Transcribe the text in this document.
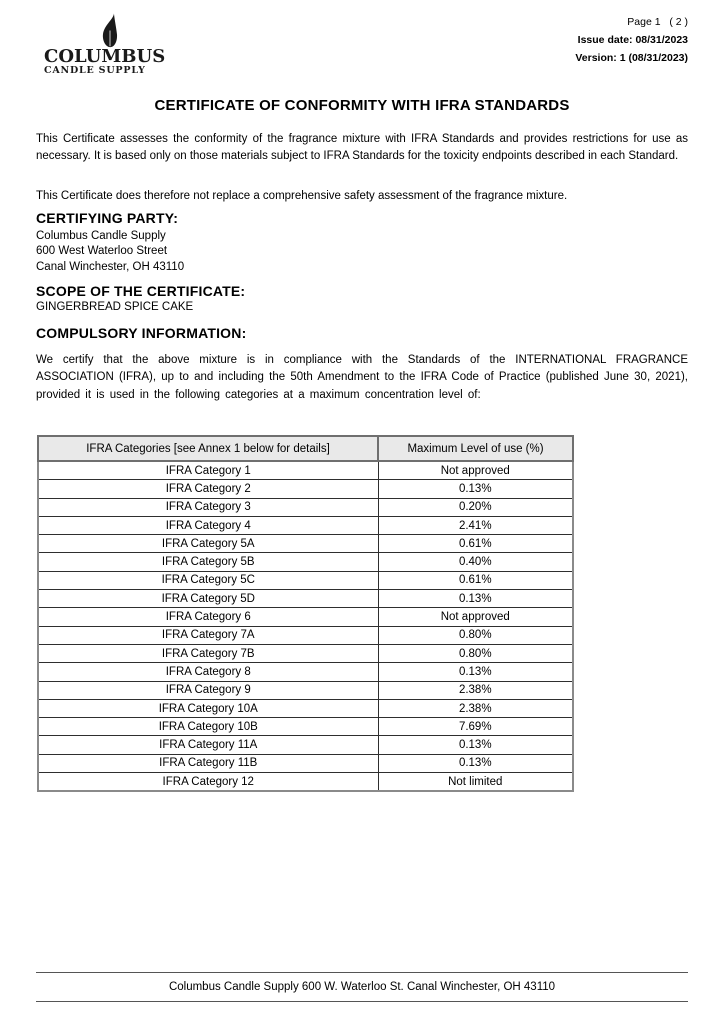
COLUMBUS
CANDLE SUPPLY
Page 1   ( 2 )
Issue date: 08/31/2023
Version: 1 (08/31/2023)
CERTIFICATE OF CONFORMITY WITH IFRA STANDARDS
This Certificate assesses the conformity of the fragrance mixture with IFRA Standards and provides restrictions for use as necessary. It is based only on those materials subject to IFRA Standards for the toxicity endpoints described in each Standard.
This Certificate does therefore not replace a comprehensive safety assessment of the fragrance mixture.
CERTIFYING PARTY:
Columbus Candle Supply
600 West Waterloo Street
Canal Winchester, OH 43110
SCOPE OF THE CERTIFICATE:
GINGERBREAD SPICE CAKE
COMPULSORY INFORMATION:
We certify that the above mixture is in compliance with the Standards of the INTERNATIONAL FRAGRANCE ASSOCIATION (IFRA), up to and including the 50th Amendment to the IFRA Code of Practice (published June 30, 2021), provided it is used in the following categories at a maximum concentration level of:
IFRA Categories [see Annex 1 below for details]	Maximum Level of use (%)
IFRA Category 1	Not approved
IFRA Category 2	0.13%
IFRA Category 3	0.20%
IFRA Category 4	2.41%
IFRA Category 5A	0.61%
IFRA Category 5B	0.40%
IFRA Category 5C	0.61%
IFRA Category 5D	0.13%
IFRA Category 6	Not approved
IFRA Category 7A	0.80%
IFRA Category 7B	0.80%
IFRA Category 8	0.13%
IFRA Category 9	2.38%
IFRA Category 10A	2.38%
IFRA Category 10B	7.69%
IFRA Category 11A	0.13%
IFRA Category 11B	0.13%
IFRA Category 12	Not limited
Columbus Candle Supply 600 W. Waterloo St. Canal Winchester, OH 43110
